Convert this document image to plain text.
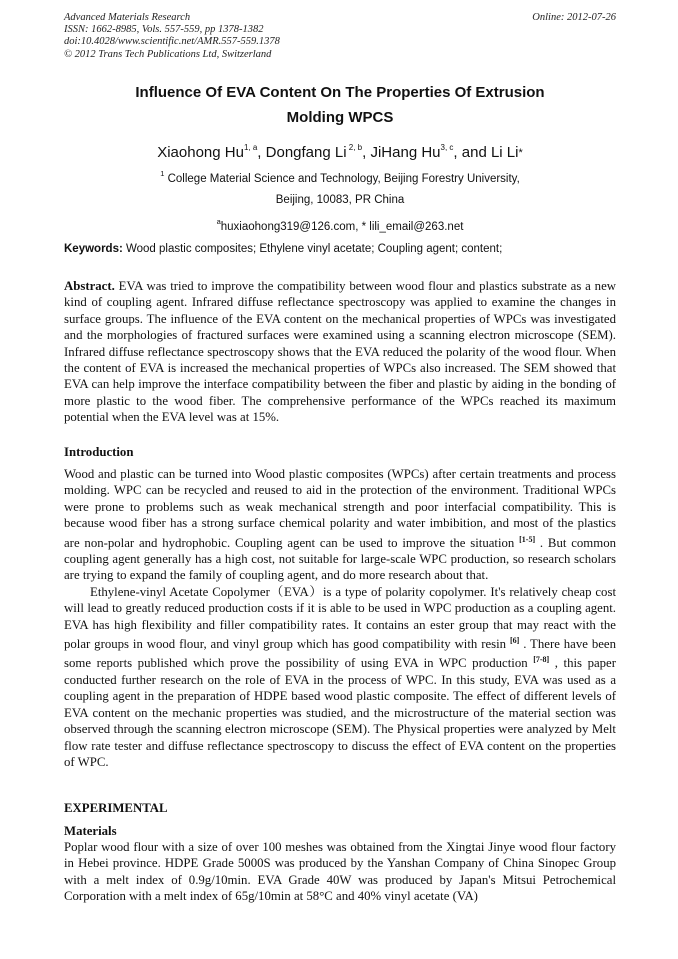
Advanced Materials Research
ISSN: 1662-8985, Vols. 557-559, pp 1378-1382
doi:10.4028/www.scientific.net/AMR.557-559.1378
© 2012 Trans Tech Publications Ltd, Switzerland
Online: 2012-07-26
Influence Of EVA Content On The Properties Of Extrusion
Molding WPCS
Xiaohong Hu$^{1, a}$, Dongfang Li $^{2, b}$, JiHang Hu$^{3, c}$, and Li Li*
$^1$ College Material Science and Technology, Beijing Forestry University,
Beijing, 10083, PR China
$^a$huxiaohong319@126.com, * lili_email@263.net
Keywords: Wood plastic composites; Ethylene vinyl acetate; Coupling agent; content;
Abstract. EVA was tried to improve the compatibility between wood flour and plastics substrate as a new kind of coupling agent. Infrared diffuse reflectance spectroscopy was applied to examine the changes in surface groups. The influence of the EVA content on the mechanical properties of WPCs was investigated and the morphologies of fractured surfaces were examined using a scanning electron microscope (SEM). Infrared diffuse reflectance spectroscopy shows that the EVA reduced the polarity of the wood flour. When the content of EVA is increased the mechanical properties of WPCs also increased. The SEM showed that EVA can help improve the interface compatibility between the fiber and plastic by aiding in the bonding of more plastic to the wood fiber. The comprehensive performance of the WPCs reached its maximum potential when the EVA level was at 15%.
Introduction

Wood and plastic can be turned into Wood plastic composites (WPCs) after certain treatments and process molding. WPC can be recycled and reused to aid in the protection of the environment. Traditional WPCs were prone to problems such as weak mechanical strength and poor interfacial compatibility. This is because wood fiber has a strong surface chemical polarity and water imbibition, and most of the plastics are non-polar and hydrophobic. Coupling agent can be used to improve the situation [1-5] . But common coupling agent generally has a high cost, not suitable for large-scale WPC production, so research scholars are trying to expand the family of coupling agent, and do more research about that.

Ethylene-vinyl Acetate Copolymer（EVA）is a type of polarity copolymer. It's relatively cheap cost will lead to greatly reduced production costs if it is able to be used in WPC production as a coupling agent. EVA has high flexibility and filler compatibility rates. It contains an ester group that may react with the polar groups in wood flour, and vinyl group which has good compatibility with resin [6] . There have been some reports published which prove the possibility of using EVA in WPC production [7-8] , this paper conducted further research on the role of EVA in the process of WPC. In this study, EVA was used as a coupling agent in the preparation of HDPE based wood plastic composite. The effect of different levels of EVA content on the mechanic properties was studied, and the microstructure of the material section was observed through the scanning electron microscope (SEM). The Physical properties were analyzed by Melt flow rate tester and diffuse reflectance spectroscopy to discuss the effect of EVA content on the properties of WPC.

EXPERIMENTAL
Materials
Poplar wood flour with a size of over 100 meshes was obtained from the Xingtai Jinye wood flour factory in Hebei province. HDPE Grade 5000S was produced by the Yanshan Company of China Sinopec Group with a melt index of 0.9g/10min. EVA Grade 40W was produced by Japan's Mitsui Petrochemical Corporation with a melt index of 65g/10min at 58°C and 40% vinyl acetate (VA)
